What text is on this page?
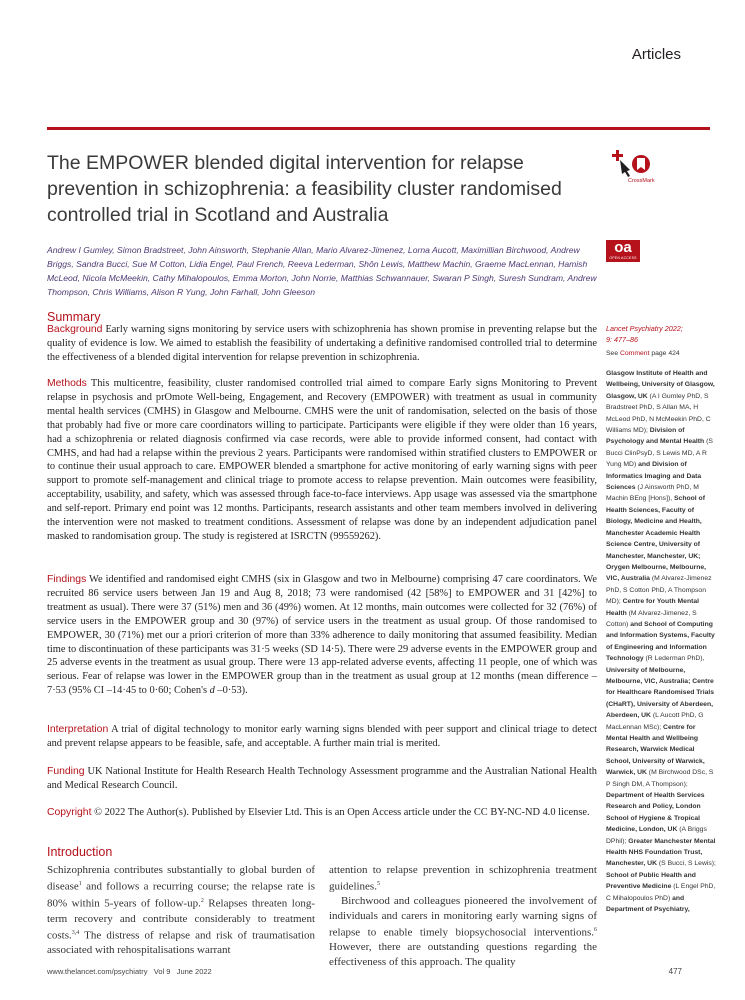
Articles
The EMPOWER blended digital intervention for relapse prevention in schizophrenia: a feasibility cluster randomised controlled trial in Scotland and Australia
CrossMark
oa
OPEN ACCESS
Andrew I Gumley, Simon Bradstreet, John Ainsworth, Stephanie Allan, Mario Alvarez-Jimenez, Lorna Aucott, Maximillian Birchwood, Andrew Briggs, Sandra Bucci, Sue M Cotton, Lidia Engel, Paul French, Reeva Lederman, Shôn Lewis, Matthew Machin, Graeme MacLennan, Hamish McLeod, Nicola McMeekin, Cathy Mihalopoulos, Emma Morton, John Norrie, Matthias Schwannauer, Swaran P Singh, Suresh Sundram, Andrew Thompson, Chris Williams, Alison R Yung, John Farhall, John Gleeson
Summary

Background Early warning signs monitoring by service users with schizophrenia has shown promise in preventing relapse but the quality of evidence is low. We aimed to establish the feasibility of undertaking a definitive randomised controlled trial to determine the effectiveness of a blended digital intervention for relapse prevention in schizophrenia.

Methods This multicentre, feasibility, cluster randomised controlled trial aimed to compare Early signs Monitoring to Prevent relapse in psychosis and prOmote Well-being, Engagement, and Recovery (EMPOWER) with treatment as usual in community mental health services (CMHS) in Glasgow and Melbourne. CMHS were the unit of randomisation, selected on the basis of those that probably had five or more care coordinators willing to participate. Participants were eligible if they were older than 16 years, had a schizophrenia or related diagnosis confirmed via case records, were able to provide informed consent, had contact with CMHS, and had had a relapse within the previous 2 years. Participants were randomised within stratified clusters to EMPOWER or to continue their usual approach to care. EMPOWER blended a smartphone for active monitoring of early warning signs with peer support to promote self-management and clinical triage to promote access to relapse prevention. Main outcomes were feasibility, acceptability, usability, and safety, which was assessed through face-to-face interviews. App usage was assessed via the smartphone and self-report. Primary end point was 12 months. Participants, research assistants and other team members involved in delivering the intervention were not masked to treatment conditions. Assessment of relapse was done by an independent adjudication panel masked to randomisation group. The study is registered at ISRCTN (99559262).

Findings We identified and randomised eight CMHS (six in Glasgow and two in Melbourne) comprising 47 care coordinators. We recruited 86 service users between Jan 19 and Aug 8, 2018; 73 were randomised (42 [58%] to EMPOWER and 31 [42%] to treatment as usual). There were 37 (51%) men and 36 (49%) women. At 12 months, main outcomes were collected for 32 (76%) of service users in the EMPOWER group and 30 (97%) of service users in the treatment as usual group. Of those randomised to EMPOWER, 30 (71%) met our a priori criterion of more than 33% adherence to daily monitoring that assumed feasibility. Median time to discontinuation of these participants was 31·5 weeks (SD 14·5). There were 29 adverse events in the EMPOWER group and 25 adverse events in the treatment as usual group. There were 13 app-related adverse events, affecting 11 people, one of which was serious. Fear of relapse was lower in the EMPOWER group than in the treatment as usual group at 12 months (mean difference –7·53 (95% CI –14·45 to 0·60; Cohen's d –0·53).

Interpretation A trial of digital technology to monitor early warning signs blended with peer support and clinical triage to detect and prevent relapse appears to be feasible, safe, and acceptable. A further main trial is merited.

Funding UK National Institute for Health Research Health Technology Assessment programme and the Australian National Health and Medical Research Council.

Copyright © 2022 The Author(s). Published by Elsevier Ltd. This is an Open Access article under the CC BY-NC-ND 4.0 license.

Introduction

Schizophrenia contributes substantially to global burden of disease$^1$ and follows a recurring course; the relapse rate is 80% within 5-years of follow-up.$^2$ Relapses threaten long-term recovery and contribute considerably to treatment costs.$^{3,4}$ The distress of relapse and risk of traumatisation associated with rehospitalisations warrant

attention to relapse prevention in schizophrenia treatment guidelines.$^5$
Birchwood and colleagues pioneered the involvement of individuals and carers in monitoring early warning signs of relapse to enable timely biopsychosocial interventions.$^6$ However, there are outstanding questions regarding the effectiveness of this approach. The quality

Lancet Psychiatry 2022;
9: 477–86
See Comment page 424
Glasgow Institute of Health and Wellbeing, University of Glasgow, Glasgow, UK (A I Gumley PhD, S Bradstreet PhD, S Allan MA, H McLeod PhD, N McMeekin PhD, C Williams MD); Division of Psychology and Mental Health (S Bucci ClinPsyD, S Lewis MD, A R Yung MD) and Division of Informatics Imaging and Data Sciences (J Ainsworth PhD, M Machin BEng [Hons]), School of Health Sciences, Faculty of Biology, Medicine and Health, Manchester Academic Health Science Centre, University of Manchester, Manchester, UK; Orygen Melbourne, Melbourne, VIC, Australia (M Alvarez-Jimenez PhD, S Cotton PhD, A Thompson MD); Centre for Youth Mental Health (M Alvarez-Jimenez, S Cotton) and School of Computing and Information Systems, Faculty of Engineering and Information Technology (R Lederman PhD), University of Melbourne, Melbourne, VIC, Australia; Centre for Healthcare Randomised Trials (CHaRT), University of Aberdeen, Aberdeen, UK (L Aucott PhD, G MacLennan MSc); Centre for Mental Health and Wellbeing Research, Warwick Medical School, University of Warwick, Warwick, UK (M Birchwood DSc, S P Singh DM, A Thompson); Department of Health Services Research and Policy, London School of Hygiene & Tropical Medicine, London, UK (A Briggs DPhil); Greater Manchester Mental Health NHS Foundation Trust, Manchester, UK (S Bucci, S Lewis); School of Public Health and Preventive Medicine (L Engel PhD, C Mihalopoulos PhD) and Department of Psychiatry,
www.thelancet.com/psychiatry Vol 9 June 2022	477
